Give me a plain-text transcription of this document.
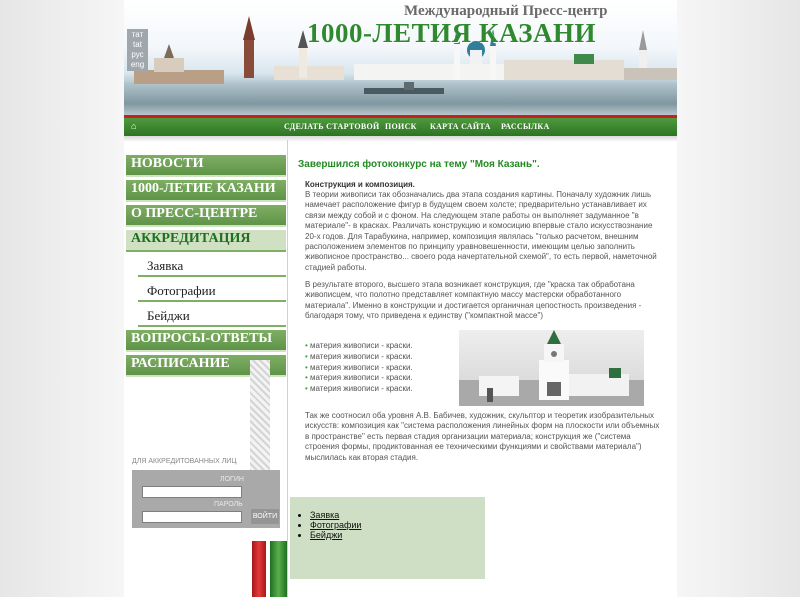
Международный Пресс-центр
1000-ЛЕТИЯ КАЗАНИ
тат
tat
рус
eng
⌂	СДЕЛАТЬ СТАРТОВОЙ ПОИСК КАРТА САЙТА РАССЫЛКА
НОВОСТИ
1000-ЛЕТИЕ КАЗАНИ
О ПРЕСС-ЦЕНТРЕ
АККРЕДИТАЦИЯ
Заявка
Фотографии
Бейджи
ВОПРОСЫ-ОТВЕТЫ
РАСПИСАНИЕ
ДЛЯ АККРЕДИТОВАННЫХ ЛИЦ
ЛОГИН
ПАРОЛЬ
ВОЙТИ
Завершился фотоконкурс на тему "Моя Казань".
Конструкция и композиция.
В теории живописи так обозначались два этапа создания картины. Поначалу художник лишь намечает расположение фигур в будущем своем холсте; предварительно устанавливает их связи между собой и с фоном. На следующем этапе работы он выполняет задуманное "в материале"- в красках. Различать конструкцию и комосицию впервые стало искусствознание 20-х годов. Для Тарабукина, например, композиция являлась "только расчетом, внешним расположением элементов по принципу уравновешенности, имеющим целью заполнить живописное пространство... своего рода начертательной схемой", то есть первой, наметочной стадией работы.
В результате второго, высшего этапа возникает конструкция, где "краска так обработана живописцем, что полотно представляет компактную массу мастерски обработанного материала". Именно в конструкции и достигается органичная цепостность произведения - благодаря тому, что приведена к единству ("компактной массе")
• материя живописи - краски.
• материя живописи - краски.
• материя живописи - краски.
• материя живописи - краски.
• материя живописи - краски.
Так же соотносил оба уровня А.В. Бабичев, художник, скульптор и теоретик изобразительных искусств: композиция как "система расположения линейных форм на плоскости или объемных в пространстве" есть первая стадия организации материала; конструкция же ("система строения формы, продиктованная ее техническими функциями и свойствами материала") мыслилась как вторая стадия.
• Заявка
• Фотографии
• Бейджи
